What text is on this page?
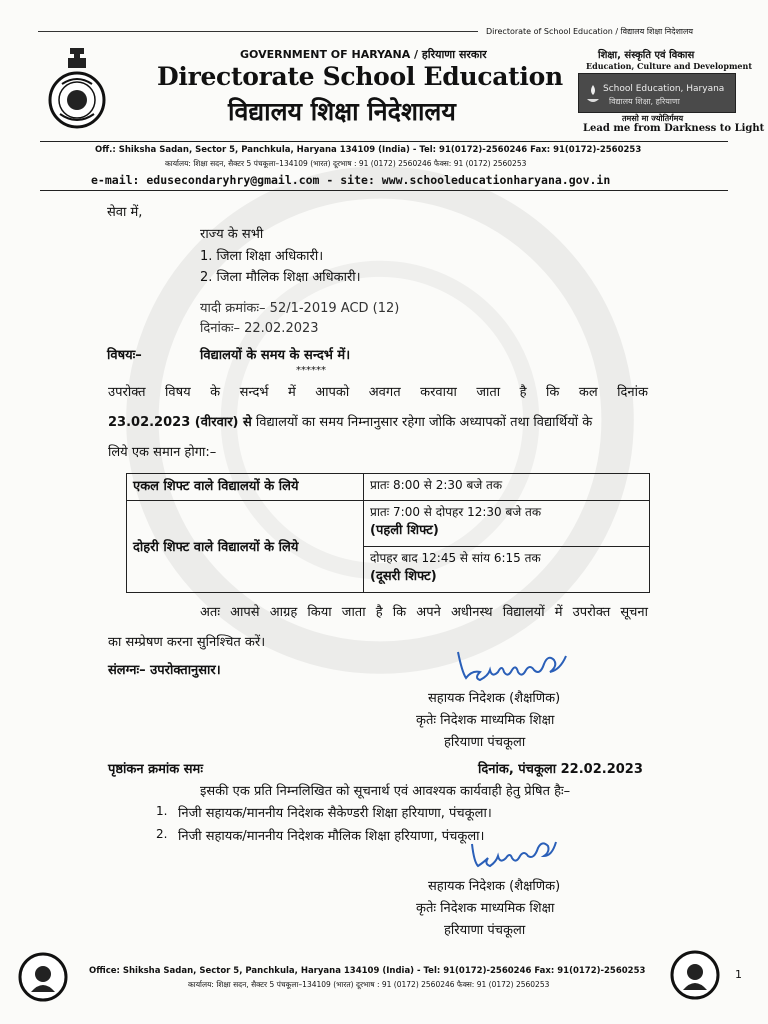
Directorate of School Education / विद्यालय शिक्षा निदेशालय
GOVERNMENT OF HARYANA / हरियाणा सरकार
Directorate School Education
विद्यालय शिक्षा निदेशालय
शिक्षा, संस्कृति एवं विकास
Education, Culture and Development
School Education, Haryana
विद्यालय शिक्षा, हरियाणा
तमसो मा ज्योतिर्गमय
Lead me from Darkness to Light
Off.: Shiksha Sadan, Sector 5, Panchkula, Haryana 134109 (India) - Tel: 91(0172)-2560246 Fax: 91(0172)-2560253
कार्यालय: शिक्षा सदन, सैक्टर 5 पंचकूला–134109 (भारत) दूरभाष : 91 (0172) 2560246 फैक्स: 91 (0172) 2560253
e-mail: edusecondaryhry@gmail.com - site: www.schooleducationharyana.gov.in
सेवा में,
राज्य के सभी
1. जिला शिक्षा अधिकारी।
2. जिला मौलिक शिक्षा अधिकारी।
यादी क्रमांकः– 52/1-2019 ACD (12)
दिनांकः– 22.02.2023
विषयः–	विद्यालयों के समय के सन्दर्भ में।
******
उपरोक्त विषय के सन्दर्भ में आपको अवगत करवाया जाता है कि कल दिनांक
23.02.2023 (वीरवार) से विद्यालयों का समय निम्नानुसार रहेगा जोकि अध्यापकों तथा विद्यार्थियों के
लिये एक समान होगा:–
एकल शिफ्ट वाले विद्यालयों के लिये	प्रातः 8:00 से 2:30 बजे तक
दोहरी शिफ्ट वाले विद्यालयों के लिये	प्रातः 7:00 से दोपहर 12:30 बजे तक
(पहली शिफ्ट)

	दोपहर बाद 12:45 से सांय 6:15 तक
(दूसरी शिफ्ट)
अतः आपसे आग्रह किया जाता है कि अपने अधीनस्थ विद्यालयों में उपरोक्त सूचना
का सम्प्रेषण करना सुनिश्चित करें।
संलग्नः– उपरोक्तानुसार।
सहायक निदेशक (शैक्षणिक)
कृतेः निदेशक माध्यमिक शिक्षा
हरियाणा पंचकूला
पृष्ठांकन क्रमांक समः	दिनांक, पंचकूला 22.02.2023
इसकी एक प्रति निम्नलिखित को सूचनार्थ एवं आवश्यक कार्यवाही हेतु प्रेषित हैः–
1. निजी सहायक/माननीय निदेशक सैकेण्डरी शिक्षा हरियाणा, पंचकूला।
2. निजी सहायक/माननीय निदेशक मौलिक शिक्षा हरियाणा, पंचकूला।
सहायक निदेशक (शैक्षणिक)
कृतेः निदेशक माध्यमिक शिक्षा
हरियाणा पंचकूला
Office: Shiksha Sadan, Sector 5, Panchkula, Haryana 134109 (India) - Tel: 91(0172)-2560246 Fax: 91(0172)-2560253
कार्यालय: शिक्षा सदन, सैक्टर 5 पंचकूला–134109 (भारत) दूरभाष : 91 (0172) 2560246 फैक्स: 91 (0172) 2560253
1
